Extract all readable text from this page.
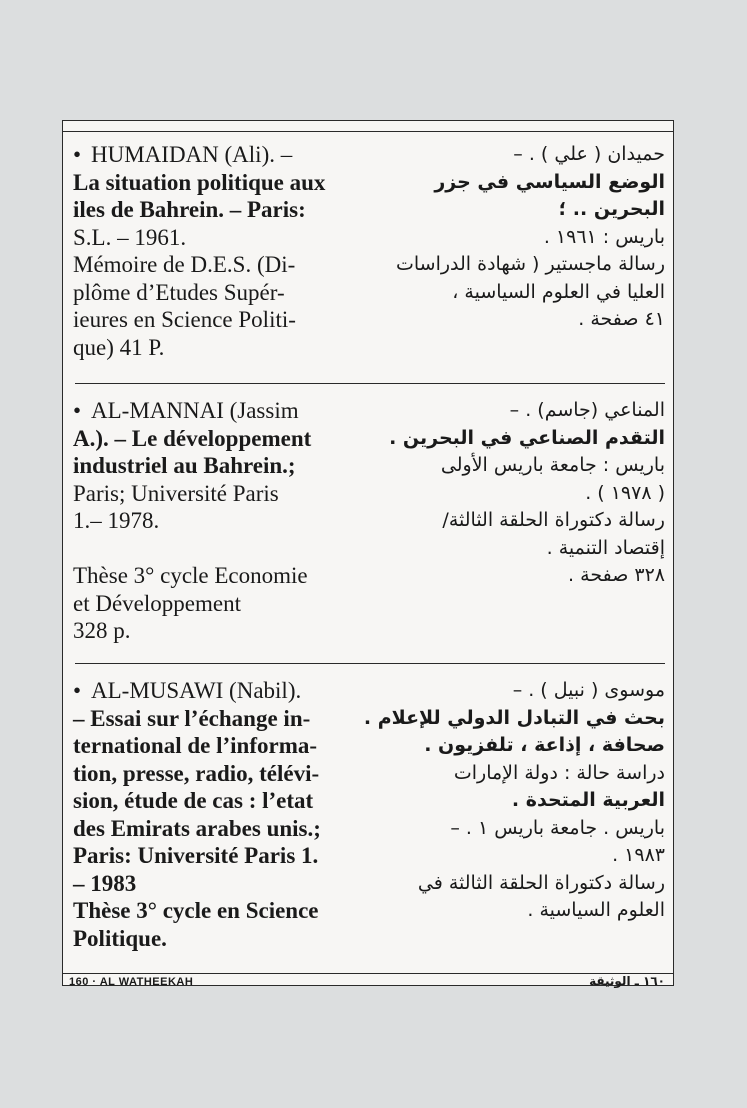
• HUMAIDAN (Ali). –
La situation politique aux
iles de Bahrein. – Paris:
S.L. – 1961.
Mémoire de D.E.S. (Di-
plôme d’Etudes Supér-
ieures en Science Politi-
que) 41 P.
حميدان ( علي ) . –
الوضع السياسي في جزر
البحرين .. ؛
باريس : ١٩٦١ .
رسالة ماجستير ( شهادة الدراسات
العليا في العلوم السياسية ،
٤١ صفحة .
• AL-MANNAI (Jassim
A.). – Le développement
industriel au Bahrein.;
Paris; Université Paris
1.– 1978.
Thèse 3° cycle Economie
et Développement
328 p.
المناعي (جاسم) . –
التقدم الصناعي في البحرين .
باريس : جامعة باريس الأولى
( ١٩٧٨ ) .
رسالة دكتوراة الحلقة الثالثة/
إقتصاد التنمية .
٣٢٨ صفحة .
• AL-MUSAWI (Nabil).
– Essai sur l’échange in-
ternational de l’informa-
tion, presse, radio, télévi-
sion, étude de cas : l’etat
des Emirats arabes unis.;
Paris: Université Paris 1.
– 1983
Thèse 3° cycle en Science
Politique.
موسوى ( نبيل ) . –
بحث في التبادل الدولي للإعلام .
صحافة ، إذاعة ، تلفزيون .
دراسة حالة : دولة الإمارات
العربية المتحدة .
باريس . جامعة باريس ١ . –
١٩٨٣ .
رسالة دكتوراة الحلقة الثالثة في
العلوم السياسية .
160 · AL WATHEEKAH	١٦٠ ـ الوثيقة
